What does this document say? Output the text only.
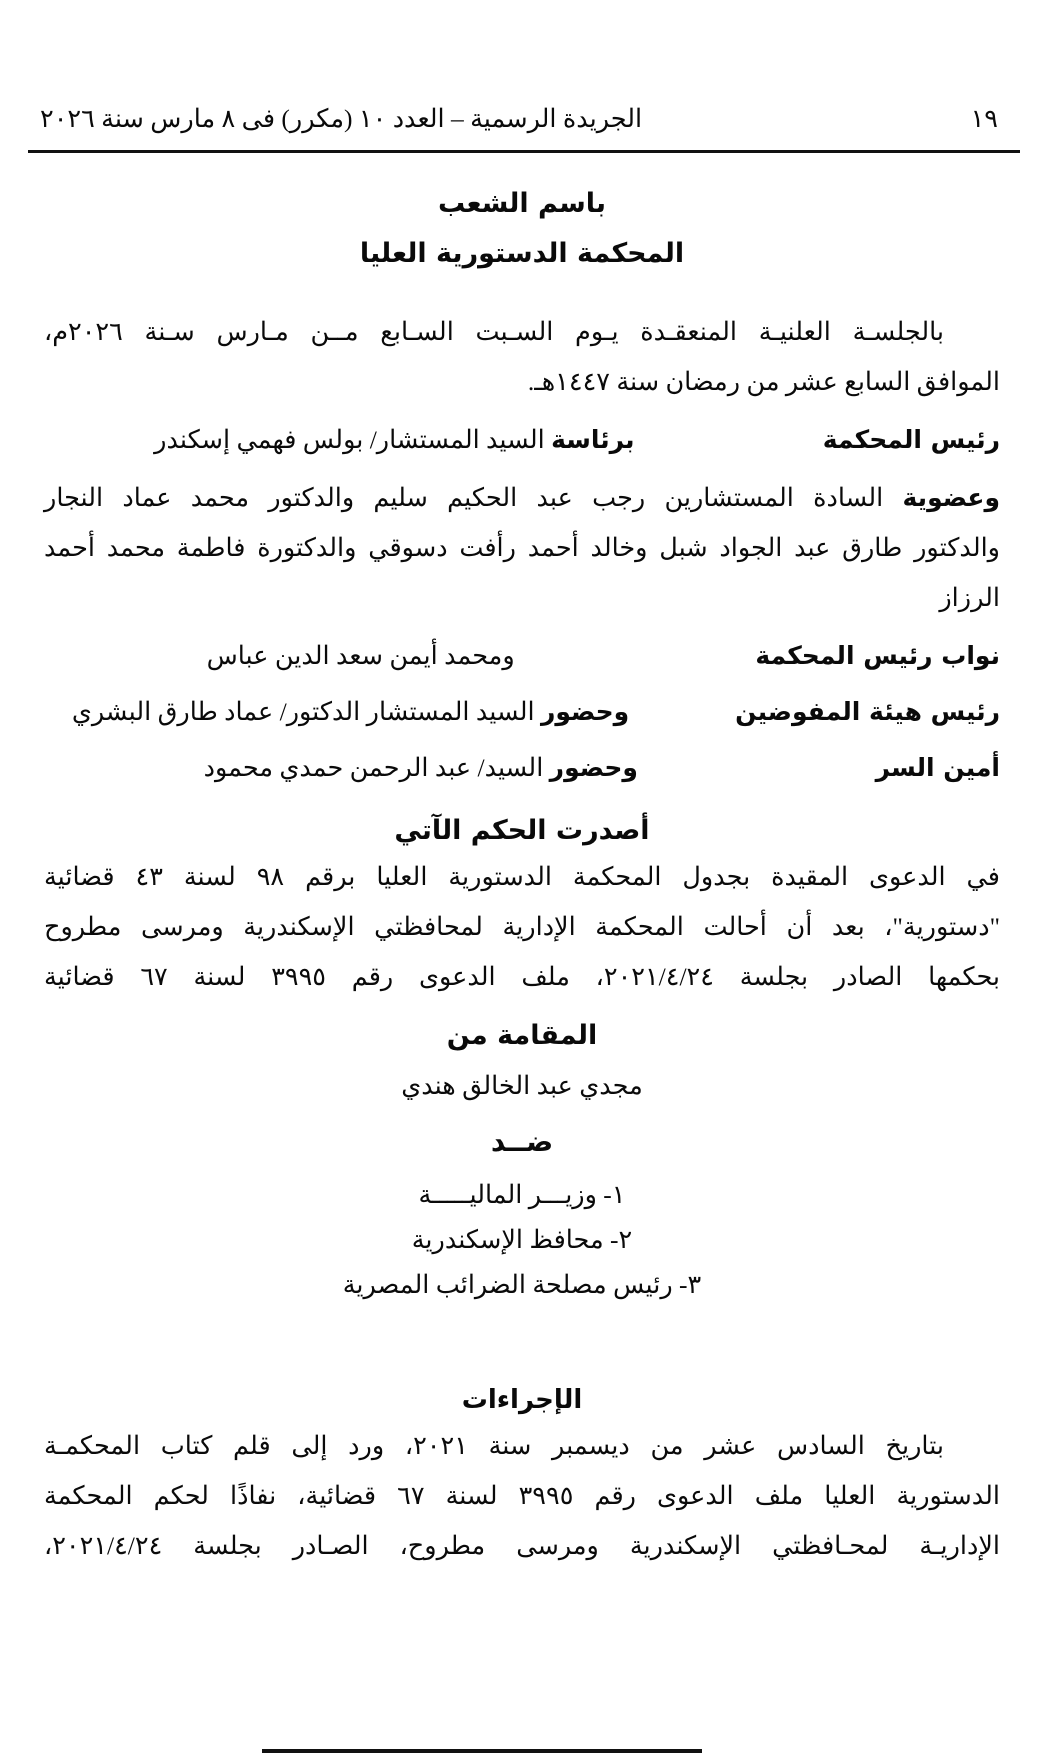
الجريدة الرسمية – العدد ١٠ (مكرر) فى ٨ مارس سنة ٢٠٢٦	١٩
باسم الشعب
المحكمة الدستورية العليا

بالجلسـة العلنيـة المنعقـدة يـوم السـبت السـابع مــن مـارس سـنة ٢٠٢٦م،

الموافق السابع عشر من رمضان سنة ١٤٤٧هـ.

رئيس المحكمة
برئاسة السيد المستشار/ بولس فهمي إسكندر

وعضوية السادة المستشارين رجب عبد الحكيم سليم والدكتور محمد عماد النجار

والدكتور طارق عبد الجواد شبل وخالد أحمد رأفت دسوقي والدكتورة فاطمة محمد أحمد الرزاز

نواب رئيس المحكمة
ومحمد أيمن سعد الدين عباس
رئيس هيئة المفوضين
وحضور السيد المستشار الدكتور/ عماد طارق البشري
أمين السر
وحضور السيد/ عبد الرحمن حمدي محمود
أصدرت الحكم الآتي

في الدعوى المقيدة بجدول المحكمة الدستورية العليا برقم ٩٨ لسنة ٤٣ قضائية

"دستورية"، بعد أن أحالت المحكمة الإدارية لمحافظتي الإسكندرية ومرسى مطروح

بحكمها الصادر بجلسة ٢٠٢١/٤/٢٤، ملف الدعوى رقم ٣٩٩٥ لسنة ٦٧ قضائية

المقامة من
مجدي عبد الخالق هندي
ضــد
١- وزيـــر الماليـــــة
٢- محافظ الإسكندرية
٣- رئيس مصلحة الضرائب المصرية
الإجراءات

بتاريخ السادس عشر من ديسمبر سنة ٢٠٢١، ورد إلى قلم كتاب المحكمـة

الدستورية العليا ملف الدعوى رقم ٣٩٩٥ لسنة ٦٧ قضائية، نفاذًا لحكم المحكمة

الإداريـة لمحـافظتي الإسكندرية ومرسى مطروح، الصـادر بجلسة ٢٠٢١/٤/٢٤،
